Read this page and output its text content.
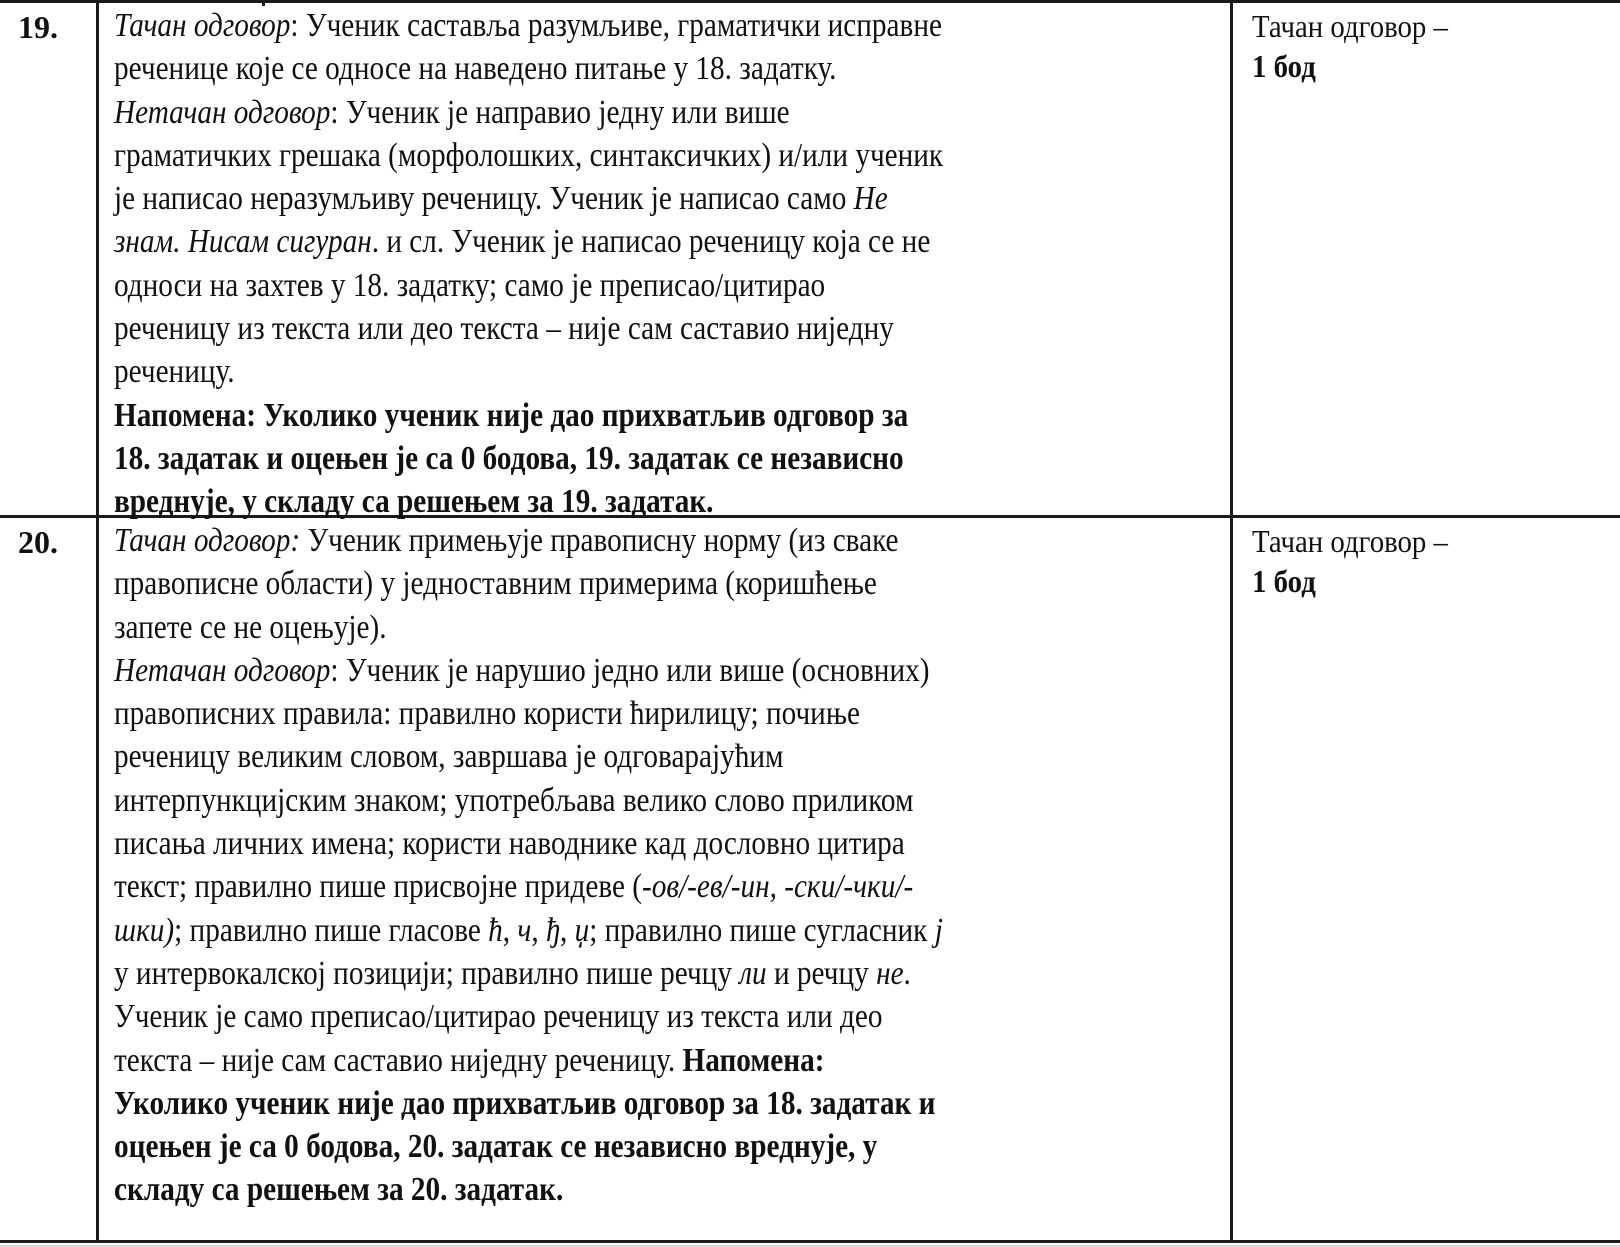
19. Тачан одговор: Ученик саставља разумљиве, граматички исправне
реченице које се односе на наведено питање у 18. задатку.
Нетачан одговор: Ученик је направио једну или више
граматичких грешака (морфолошких, синтаксичких) и/или ученик
је написао неразумљиву реченицу. Ученик је написао само Не
знам. Нисам сигуран. и сл. Ученик је написао реченицу која се не
односи на захтев у 18. задатку; само је преписао/цитирао
реченицу из текста или део текста – није сам саставио ниједну
реченицу.
Напомена: Уколико ученик није дао прихватљив одговор за
18. задатак и оцењен је са 0 бодова, 19. задатак се независно
вреднује, у складу са решењем за 19. задатак.
Тачан одговор –
1 бод
20. Тачан одговор: Ученик примењује правописну норму (из сваке
правописне области) у једноставним примерима (коришћење
запете се не оцењује).
Нетачан одговор: Ученик је нарушио једно или више (основних)
правописних правила: правилно користи ћирилицу; почиње
реченицу великим словом, завршава је одговарајућим
интерпункцијским знаком; употребљава велико слово приликом
писања личних имена; користи наводнике кад дословно цитира
текст; правилно пише присвојне придеве (-ов/-ев/-ин, -ски/-чки/-
шки); правилно пише гласове ћ, ч, ђ, џ; правилно пише сугласник ј
у интервокалској позицији; правилно пише речцу ли и речцу не.
Ученик је само преписао/цитирао реченицу из текста или део
текста – није сам саставио ниједну реченицу. Напомена:
Уколико ученик није дао прихватљив одговор за 18. задатак и
оцењен је са 0 бодова, 20. задатак се независно вреднује, у
складу са решењем за 20. задатак.
Тачан одговор –
1 бод
